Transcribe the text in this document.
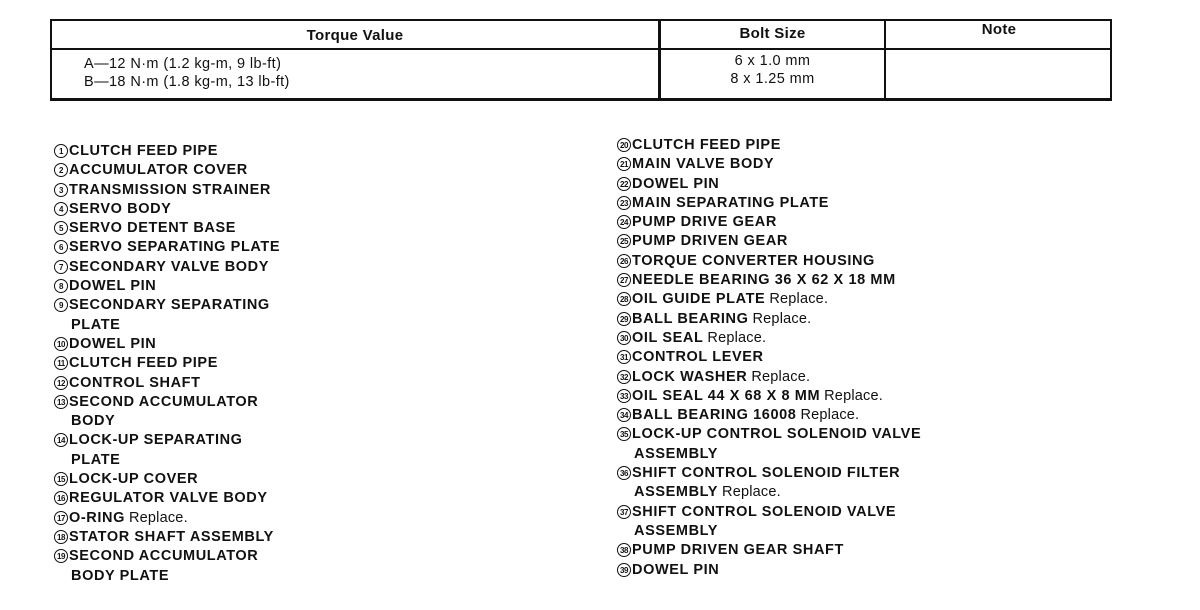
Torque Value	Bolt Size	Note
A—12 N·m (1.2 kg-m, 9 lb-ft)
B—18 N·m (1.8 kg-m, 13 lb-ft)
6 x 1.0 mm
8 x 1.25 mm
1 CLUTCH FEED PIPE
2 ACCUMULATOR COVER
3 TRANSMISSION STRAINER
4 SERVO BODY
5 SERVO DETENT BASE
6 SERVO SEPARATING PLATE
7 SECONDARY VALVE BODY
8 DOWEL PIN
9 SECONDARY SEPARATING
PLATE
10 DOWEL PIN
11 CLUTCH FEED PIPE
12 CONTROL SHAFT
13 SECOND ACCUMULATOR
BODY
14 LOCK-UP SEPARATING
PLATE
15 LOCK-UP COVER
16 REGULATOR VALVE BODY
17 O-RING Replace.
18 STATOR SHAFT ASSEMBLY
19 SECOND ACCUMULATOR
BODY PLATE
20 CLUTCH FEED PIPE
21 MAIN VALVE BODY
22 DOWEL PIN
23 MAIN SEPARATING PLATE
24 PUMP DRIVE GEAR
25 PUMP DRIVEN GEAR
26 TORQUE CONVERTER HOUSING
27 NEEDLE BEARING 36 X 62 X 18 MM
28 OIL GUIDE PLATE Replace.
29 BALL BEARING Replace.
30 OIL SEAL Replace.
31 CONTROL LEVER
32 LOCK WASHER Replace.
33 OIL SEAL 44 X 68 X 8 MM Replace.
34 BALL BEARING 16008 Replace.
35 LOCK-UP CONTROL SOLENOID VALVE
ASSEMBLY
36 SHIFT CONTROL SOLENOID FILTER
ASSEMBLY Replace.
37 SHIFT CONTROL SOLENOID VALVE
ASSEMBLY
38 PUMP DRIVEN GEAR SHAFT
39 DOWEL PIN
